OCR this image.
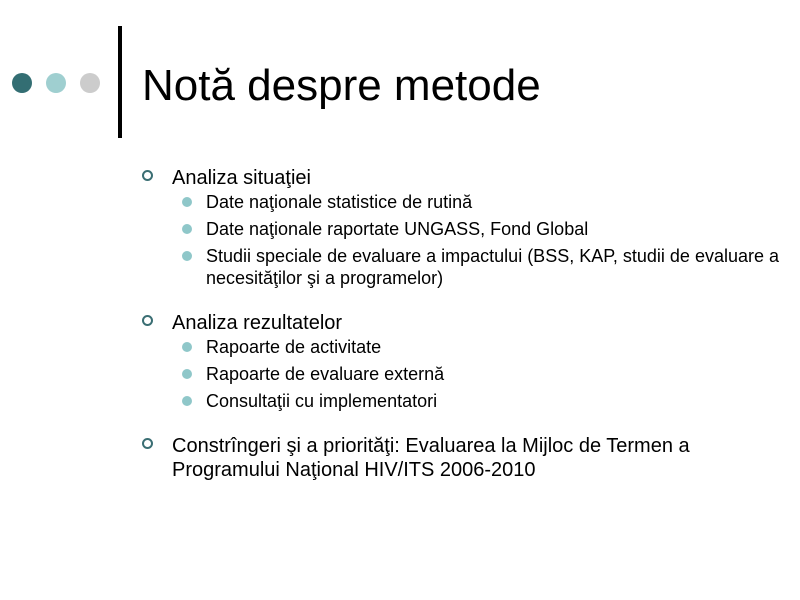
Notă despre metode
Analiza situaţiei
Date naţionale statistice de rutină
Date naţionale raportate UNGASS, Fond Global
Studii speciale de evaluare a impactului (BSS, KAP, studii de evaluare a necesităţilor şi a programelor)
Analiza rezultatelor
Rapoarte de activitate
Rapoarte de evaluare externă
Consultaţii cu implementatori
Constrîngeri şi a priorităţi: Evaluarea la Mijloc de Termen a Programului Naţional HIV/ITS 2006-2010
